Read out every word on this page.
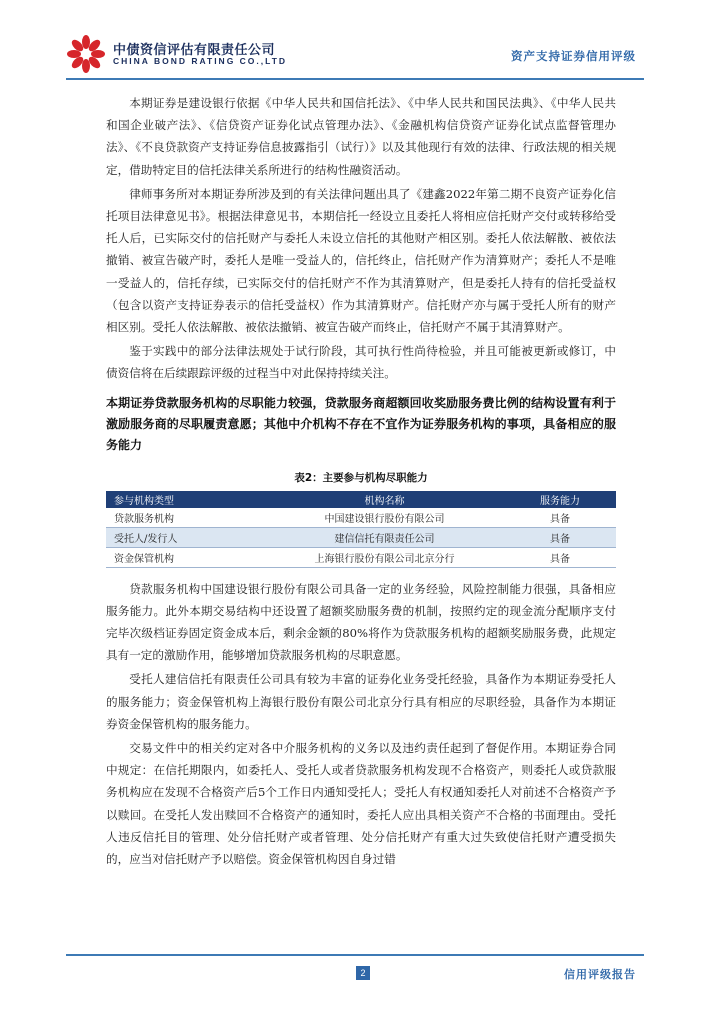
中债资信评估有限责任公司
CHINA BOND RATING CO.,LTD	资产支持证券信用评级

本期证券是建设银行依据《中华人民共和国信托法》、《中华人民共和国民法典》、《中华人民共和国企业破产法》、《信贷资产证券化试点管理办法》、《金融机构信贷资产证券化试点监督管理办法》、《不良贷款资产支持证券信息披露指引（试行）》以及其他现行有效的法律、行政法规的相关规定，借助特定目的信托法律关系所进行的结构性融资活动。

律师事务所对本期证券所涉及到的有关法律问题出具了《建鑫2022年第二期不良资产证券化信托项目法律意见书》。根据法律意见书，本期信托一经设立且委托人将相应信托财产交付或转移给受托人后，已实际交付的信托财产与委托人未设立信托的其他财产相区别。委托人依法解散、被依法撤销、被宣告破产时，委托人是唯一受益人的，信托终止，信托财产作为清算财产；委托人不是唯一受益人的，信托存续，已实际交付的信托财产不作为其清算财产，但是委托人持有的信托受益权（包含以资产支持证券表示的信托受益权）作为其清算财产。信托财产亦与属于受托人所有的财产相区别。受托人依法解散、被依法撤销、被宣告破产而终止，信托财产不属于其清算财产。

鉴于实践中的部分法律法规处于试行阶段，其可执行性尚待检验，并且可能被更新或修订，中债资信将在后续跟踪评级的过程当中对此保持持续关注。

本期证券贷款服务机构的尽职能力较强，贷款服务商超额回收奖励服务费比例的结构设置有利于激励服务商的尽职履责意愿；其他中介机构不存在不宜作为证券服务机构的事项，具备相应的服务能力
表2：主要参与机构尽职能力
参与机构类型	机构名称	服务能力
贷款服务机构	中国建设银行股份有限公司	具备
受托人/发行人	建信信托有限责任公司	具备
资金保管机构	上海银行股份有限公司北京分行	具备

贷款服务机构中国建设银行股份有限公司具备一定的业务经验，风险控制能力很强，具备相应服务能力。此外本期交易结构中还设置了超额奖励服务费的机制，按照约定的现金流分配顺序支付完毕次级档证券固定资金成本后，剩余金额的80%将作为贷款服务机构的超额奖励服务费，此规定具有一定的激励作用，能够增加贷款服务机构的尽职意愿。

受托人建信信托有限责任公司具有较为丰富的证券化业务受托经验，具备作为本期证券受托人的服务能力；资金保管机构上海银行股份有限公司北京分行具有相应的尽职经验，具备作为本期证券资金保管机构的服务能力。

交易文件中的相关约定对各中介服务机构的义务以及违约责任起到了督促作用。本期证券合同中规定：在信托期限内，如委托人、受托人或者贷款服务机构发现不合格资产，则委托人或贷款服务机构应在发现不合格资产后5个工作日内通知受托人；受托人有权通知委托人对前述不合格资产予以赎回。在受托人发出赎回不合格资产的通知时，委托人应出具相关资产不合格的书面理由。受托人违反信托目的管理、处分信托财产或者管理、处分信托财产有重大过失致使信托财产遭受损失的，应当对信托财产予以赔偿。资金保管机构因自身过错

2	信用评级报告
